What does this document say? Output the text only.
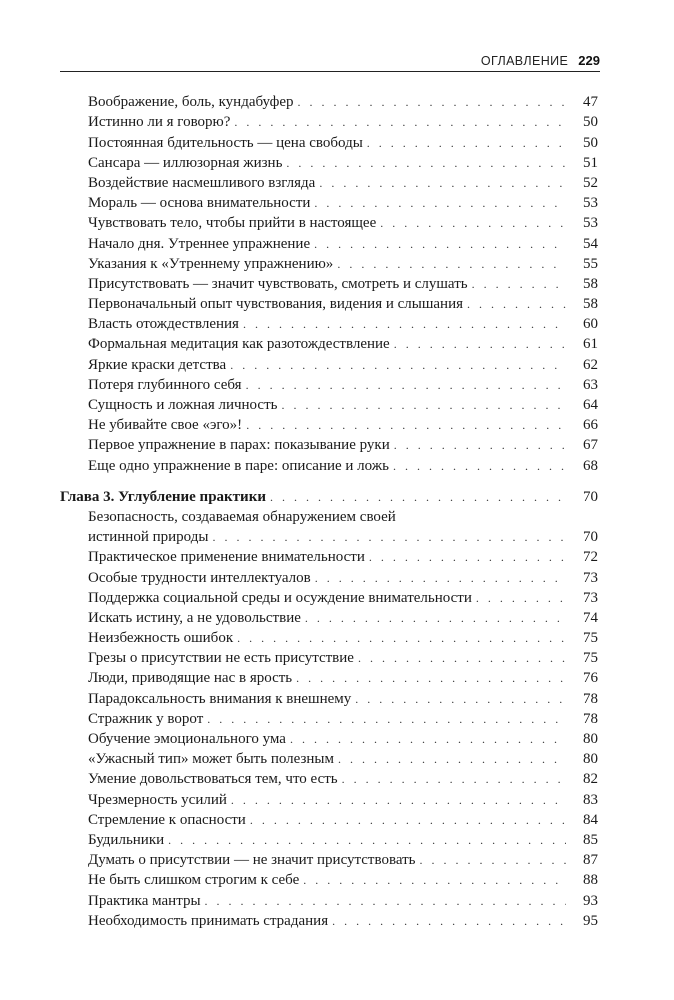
ОГЛАВЛЕНИЕ 229
Воображение, боль, кундабуфер . . .	47
Истинно ли я говорю? . . .	50
Постоянная бдительность — цена свободы . . .	50
Сансара — иллюзорная жизнь . . .	51
Воздействие насмешливого взгляда . . .	52
Мораль — основа внимательности . . .	53
Чувствовать тело, чтобы прийти в настоящее . . .	53
Начало дня. Утреннее упражнение . . .	54
Указания к «Утреннему упражнению» . . .	55
Присутствовать — значит чувствовать, смотреть и слушать . . .	58
Первоначальный опыт чувствования, видения и слышания . . .	58
Власть отождествления . . .	60
Формальная медитация как разотождествление . . .	61
Яркие краски детства . . .	62
Потеря глубинного себя . . .	63
Сущность и ложная личность . . .	64
Не убивайте свое «эго»! . . .	66
Первое упражнение в парах: показывание руки . . .	67
Еще одно упражнение в паре: описание и ложь . . .	68
Глава 3. Углубление практики . . .	70
Безопасность, создаваемая обнаружением своей
истинной природы . . .	70
Практическое применение внимательности . . .	72
Особые трудности интеллектуалов . . .	73
Поддержка социальной среды и осуждение внимательности . . .	73
Искать истину, а не удовольствие . . .	74
Неизбежность ошибок . . .	75
Грезы о присутствии не есть присутствие . . .	75
Люди, приводящие нас в ярость . . .	76
Парадоксальность внимания к внешнему . . .	78
Стражник у ворот . . .	78
Обучение эмоционального ума . . .	80
«Ужасный тип» может быть полезным . . .	80
Умение довольствоваться тем, что есть . . .	82
Чрезмерность усилий . . .	83
Стремление к опасности . . .	84
Будильники . . .	85
Думать о присутствии — не значит присутствовать . . .	87
Не быть слишком строгим к себе . . .	88
Практика мантры . . .	93
Необходимость принимать страдания . . .	95
